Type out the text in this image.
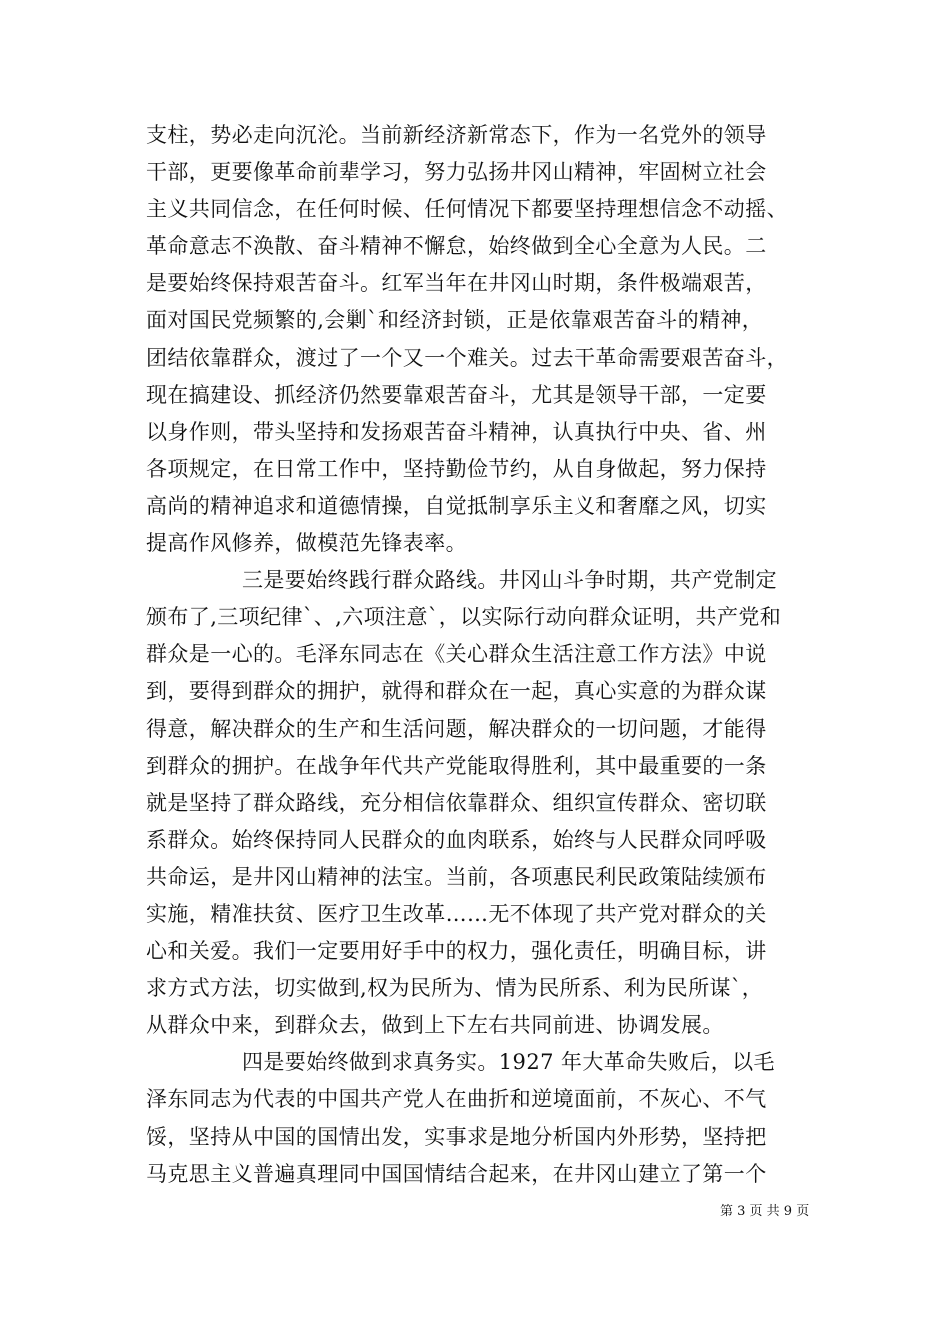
支柱，势必走向沉沦。当前新经济新常态下，作为一名党外的领导
干部，更要像革命前辈学习，努力弘扬井冈山精神，牢固树立社会
主义共同信念，在任何时候、任何情况下都要坚持理想信念不动摇、
革命意志不涣散、奋斗精神不懈怠，始终做到全心全意为人民。二
是要始终保持艰苦奋斗。红军当年在井冈山时期，条件极端艰苦，
面对国民党频繁的,会剿`和经济封锁，正是依靠艰苦奋斗的精神，
团结依靠群众，渡过了一个又一个难关。过去干革命需要艰苦奋斗，
现在搞建设、抓经济仍然要靠艰苦奋斗，尤其是领导干部，一定要
以身作则，带头坚持和发扬艰苦奋斗精神，认真执行中央、省、州
各项规定，在日常工作中，坚持勤俭节约，从自身做起，努力保持
高尚的精神追求和道德情操，自觉抵制享乐主义和奢靡之风，切实
提高作风修养，做模范先锋表率。
三是要始终践行群众路线。井冈山斗争时期，共产党制定
颁布了,三项纪律`、,六项注意`，以实际行动向群众证明，共产党和
群众是一心的。毛泽东同志在《关心群众生活注意工作方法》中说
到，要得到群众的拥护，就得和群众在一起，真心实意的为群众谋
得意，解决群众的生产和生活问题，解决群众的一切问题，才能得
到群众的拥护。在战争年代共产党能取得胜利，其中最重要的一条
就是坚持了群众路线，充分相信依靠群众、组织宣传群众、密切联
系群众。始终保持同人民群众的血肉联系，始终与人民群众同呼吸
共命运，是井冈山精神的法宝。当前，各项惠民利民政策陆续颁布
实施，精准扶贫、医疗卫生改革……无不体现了共产党对群众的关
心和关爱。我们一定要用好手中的权力，强化责任，明确目标，讲
求方式方法，切实做到,权为民所为、情为民所系、利为民所谋`，
从群众中来，到群众去，做到上下左右共同前进、协调发展。
四是要始终做到求真务实。1927 年大革命失败后，以毛
泽东同志为代表的中国共产党人在曲折和逆境面前，不灰心、不气
馁，坚持从中国的国情出发，实事求是地分析国内外形势，坚持把
马克思主义普遍真理同中国国情结合起来，在井冈山建立了第一个
第 3 页 共 9 页
